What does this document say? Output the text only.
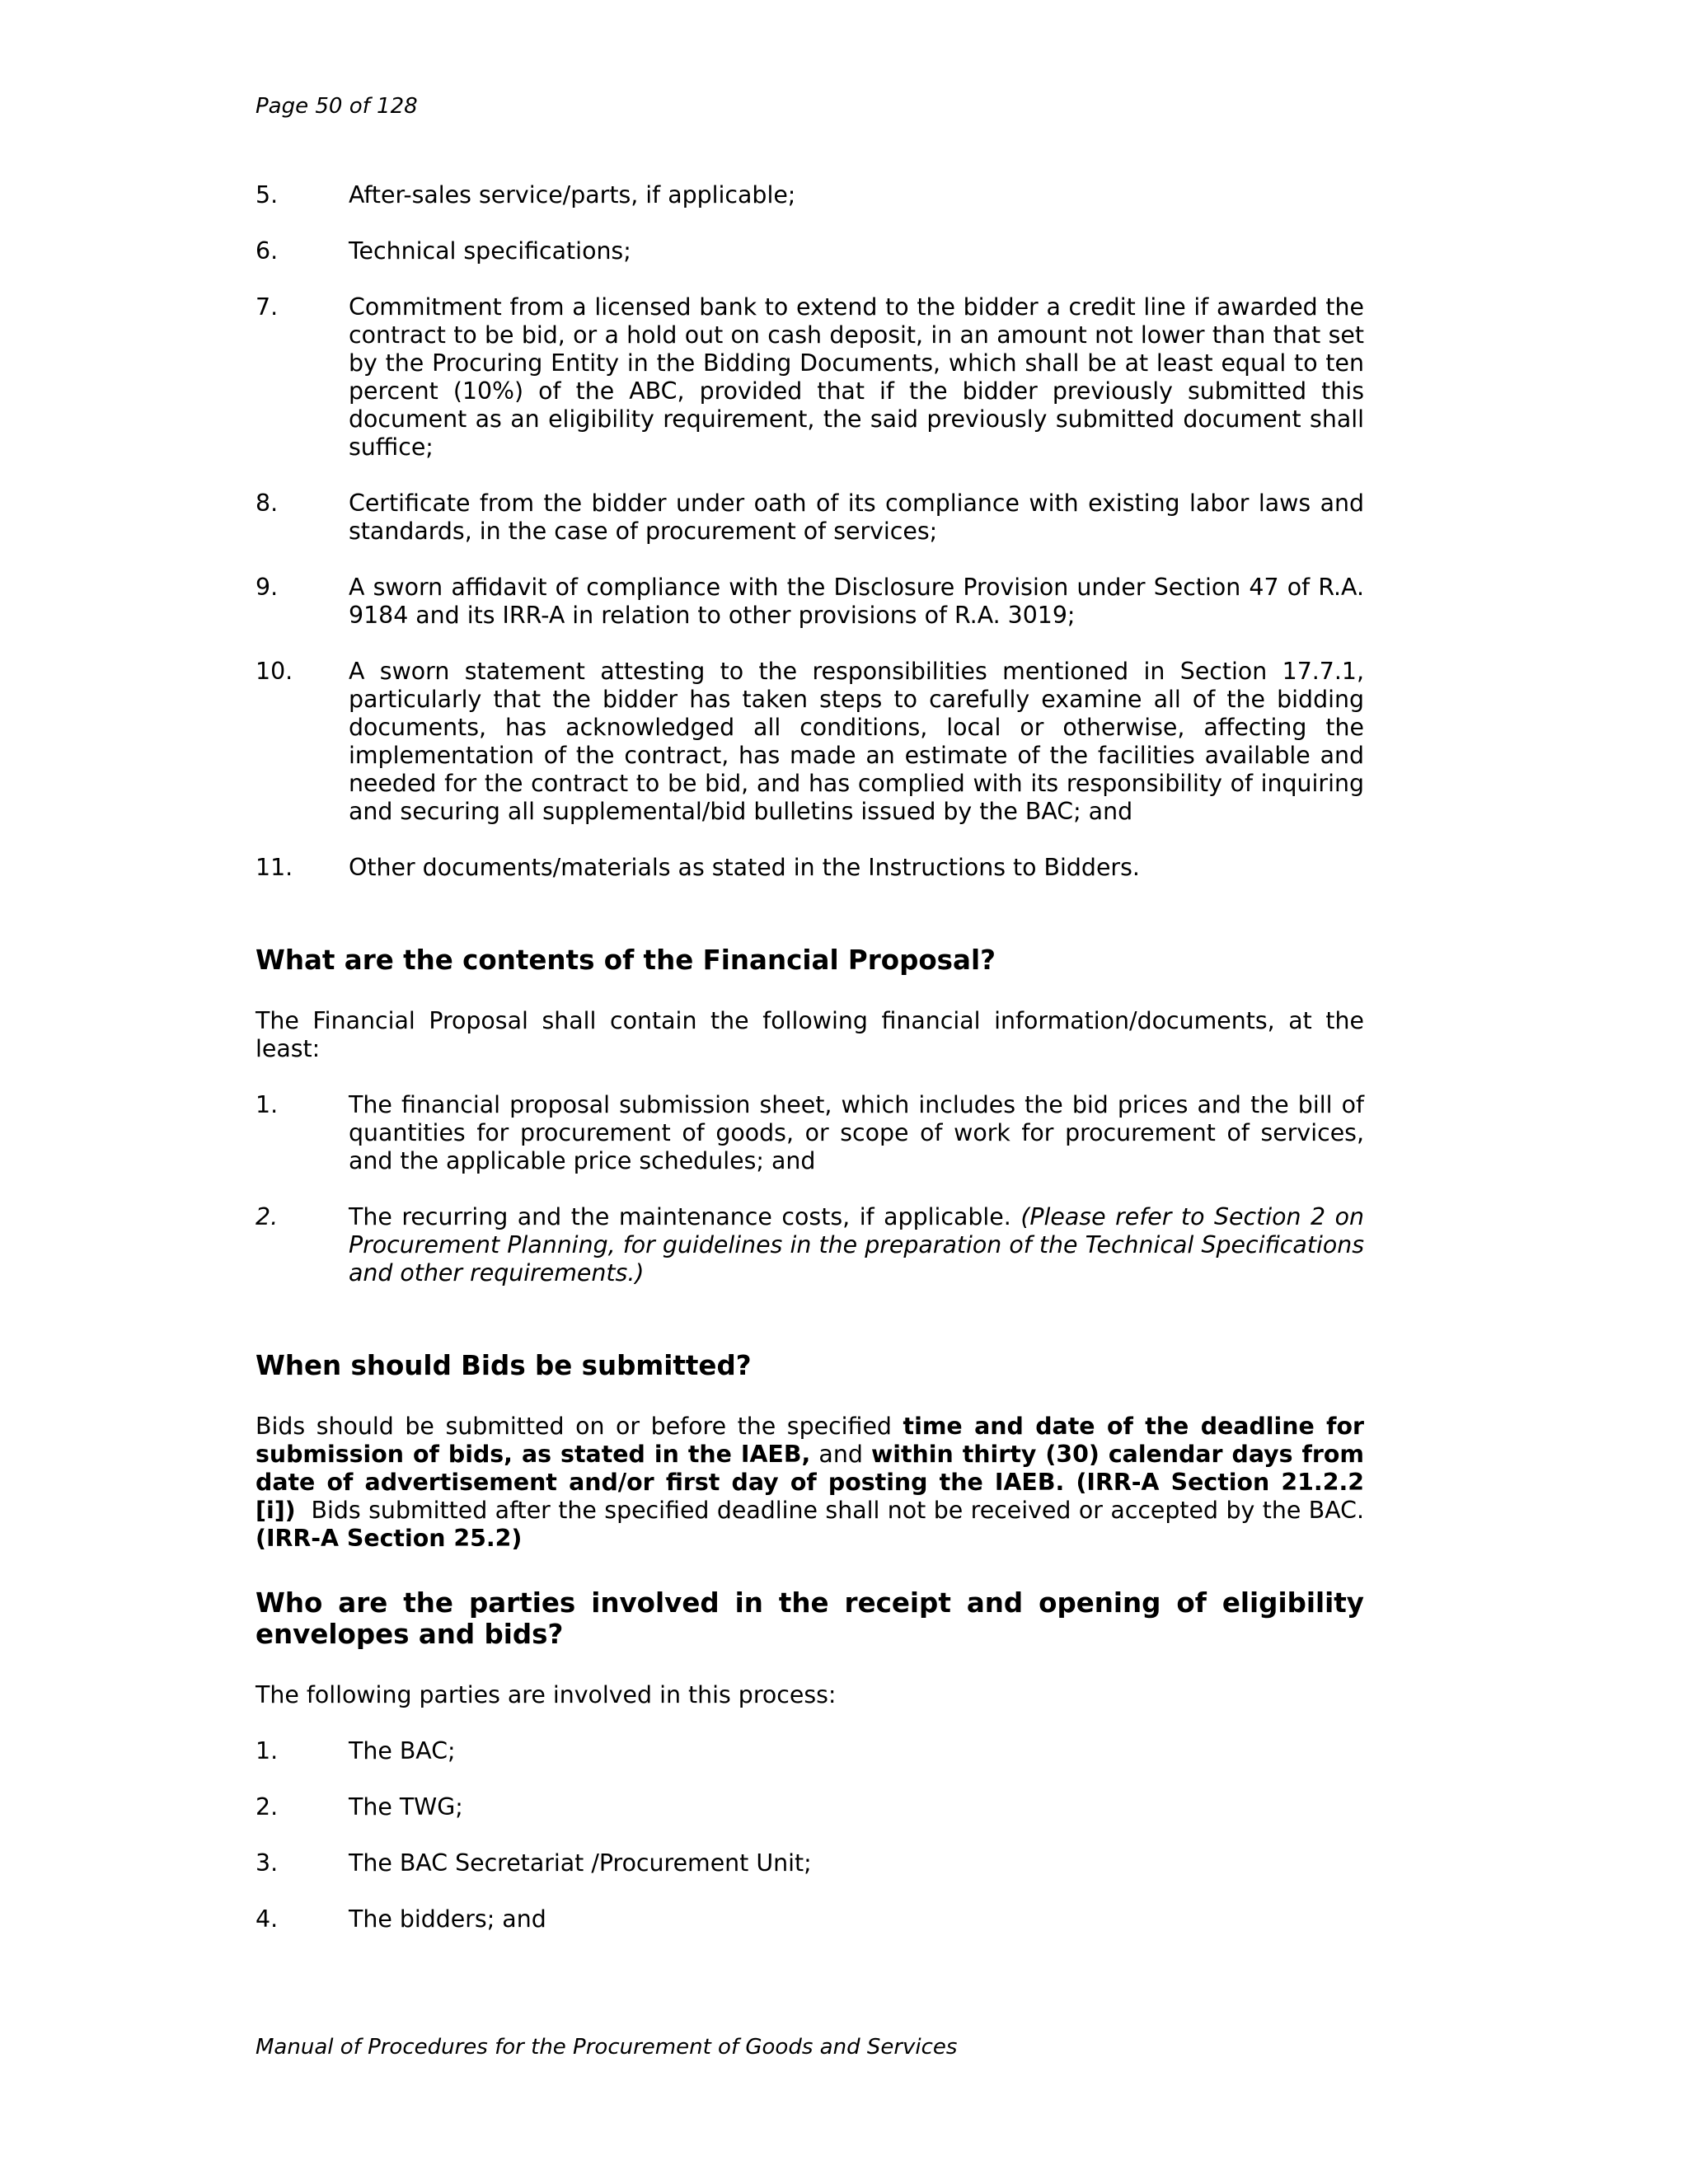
Page 50 of 128
5.	After-sales service/parts, if applicable;
6.	Technical specifications;
7.	Commitment from a licensed bank to extend to the bidder a credit line if awarded the contract to be bid, or a hold out on cash deposit, in an amount not lower than that set by the Procuring Entity in the Bidding Documents, which shall be at least equal to ten percent (10%) of the ABC, provided that if the bidder previously submitted this document as an eligibility requirement, the said previously submitted document shall suffice;
8.	Certificate from the bidder under oath of its compliance with existing labor laws and standards, in the case of procurement of services;
9.	A sworn affidavit of compliance with the Disclosure Provision under Section 47 of R.A. 9184 and its IRR-A in relation to other provisions of R.A. 3019;
10.	A sworn statement attesting to the responsibilities mentioned in Section 17.7.1, particularly that the bidder has taken steps to carefully examine all of the bidding documents, has acknowledged all conditions, local or otherwise, affecting the implementation of the contract, has made an estimate of the facilities available and needed for the contract to be bid, and has complied with its responsibility of inquiring and securing all supplemental/bid bulletins issued by the BAC; and
11.	Other documents/materials as stated in the Instructions to Bidders.
What are the contents of the Financial Proposal?
The Financial Proposal shall contain the following financial information/documents, at the least:
1.	The financial proposal submission sheet, which includes the bid prices and the bill of quantities for procurement of goods, or scope of work for procurement of services, and the applicable price schedules; and
2.	The recurring and the maintenance costs, if applicable. (Please refer to Section 2 on Procurement Planning, for guidelines in the preparation of the Technical Specifications and other requirements.)
When should Bids be submitted?
Bids should be submitted on or before the specified time and date of the deadline for submission of bids, as stated in the IAEB, and within thirty (30) calendar days from date of advertisement and/or first day of posting the IAEB. (IRR-A Section 21.2.2 [i]) Bids submitted after the specified deadline shall not be received or accepted by the BAC. (IRR-A Section 25.2)
Who are the parties involved in the receipt and opening of eligibility envelopes and bids?
The following parties are involved in this process:
1.	The BAC;
2.	The TWG;
3.	The BAC Secretariat /Procurement Unit;
4.	The bidders; and
Manual of Procedures for the Procurement of Goods and Services
